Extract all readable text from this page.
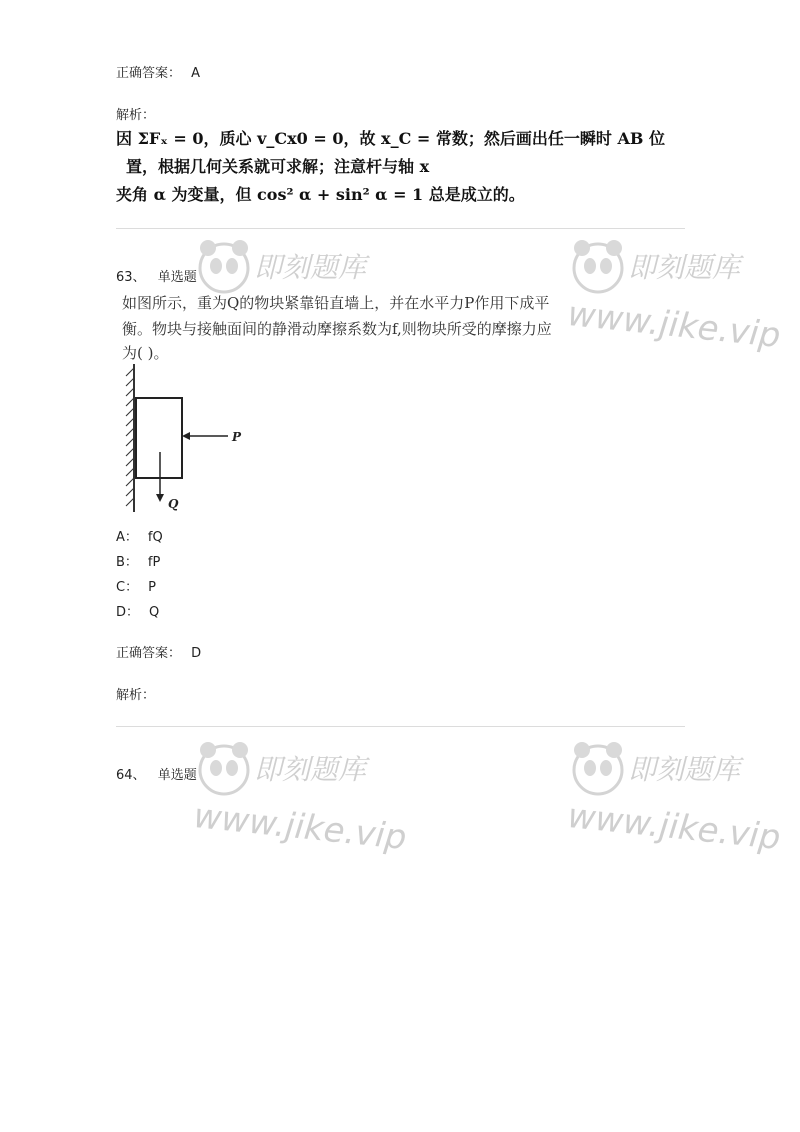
正确答案： A
解析：
因 ΣFₓ = 0，质心 v_Cx0 = 0，故 x_C = 常数；然后画出任一瞬时 AB 位
置，根据几何关系就可求解；注意杆与轴 x
夹角 α 为变量，但 cos² α + sin² α = 1 总是成立的。
63、 单选题
如图所示，重为Q的物块紧靠铅直墙上，并在水平力P作用下成平
衡。物块与接触面间的静滑动摩擦系数为f,则物块所受的摩擦力应
为( )。
P
Q
A： fQ
B： fP
C： P
D： Q
正确答案： D
解析：
64、 单选题
即刻题库	即刻题库
www.jike.vip
即刻题库
www.jike.vip
即刻题库
www.jike.vip
